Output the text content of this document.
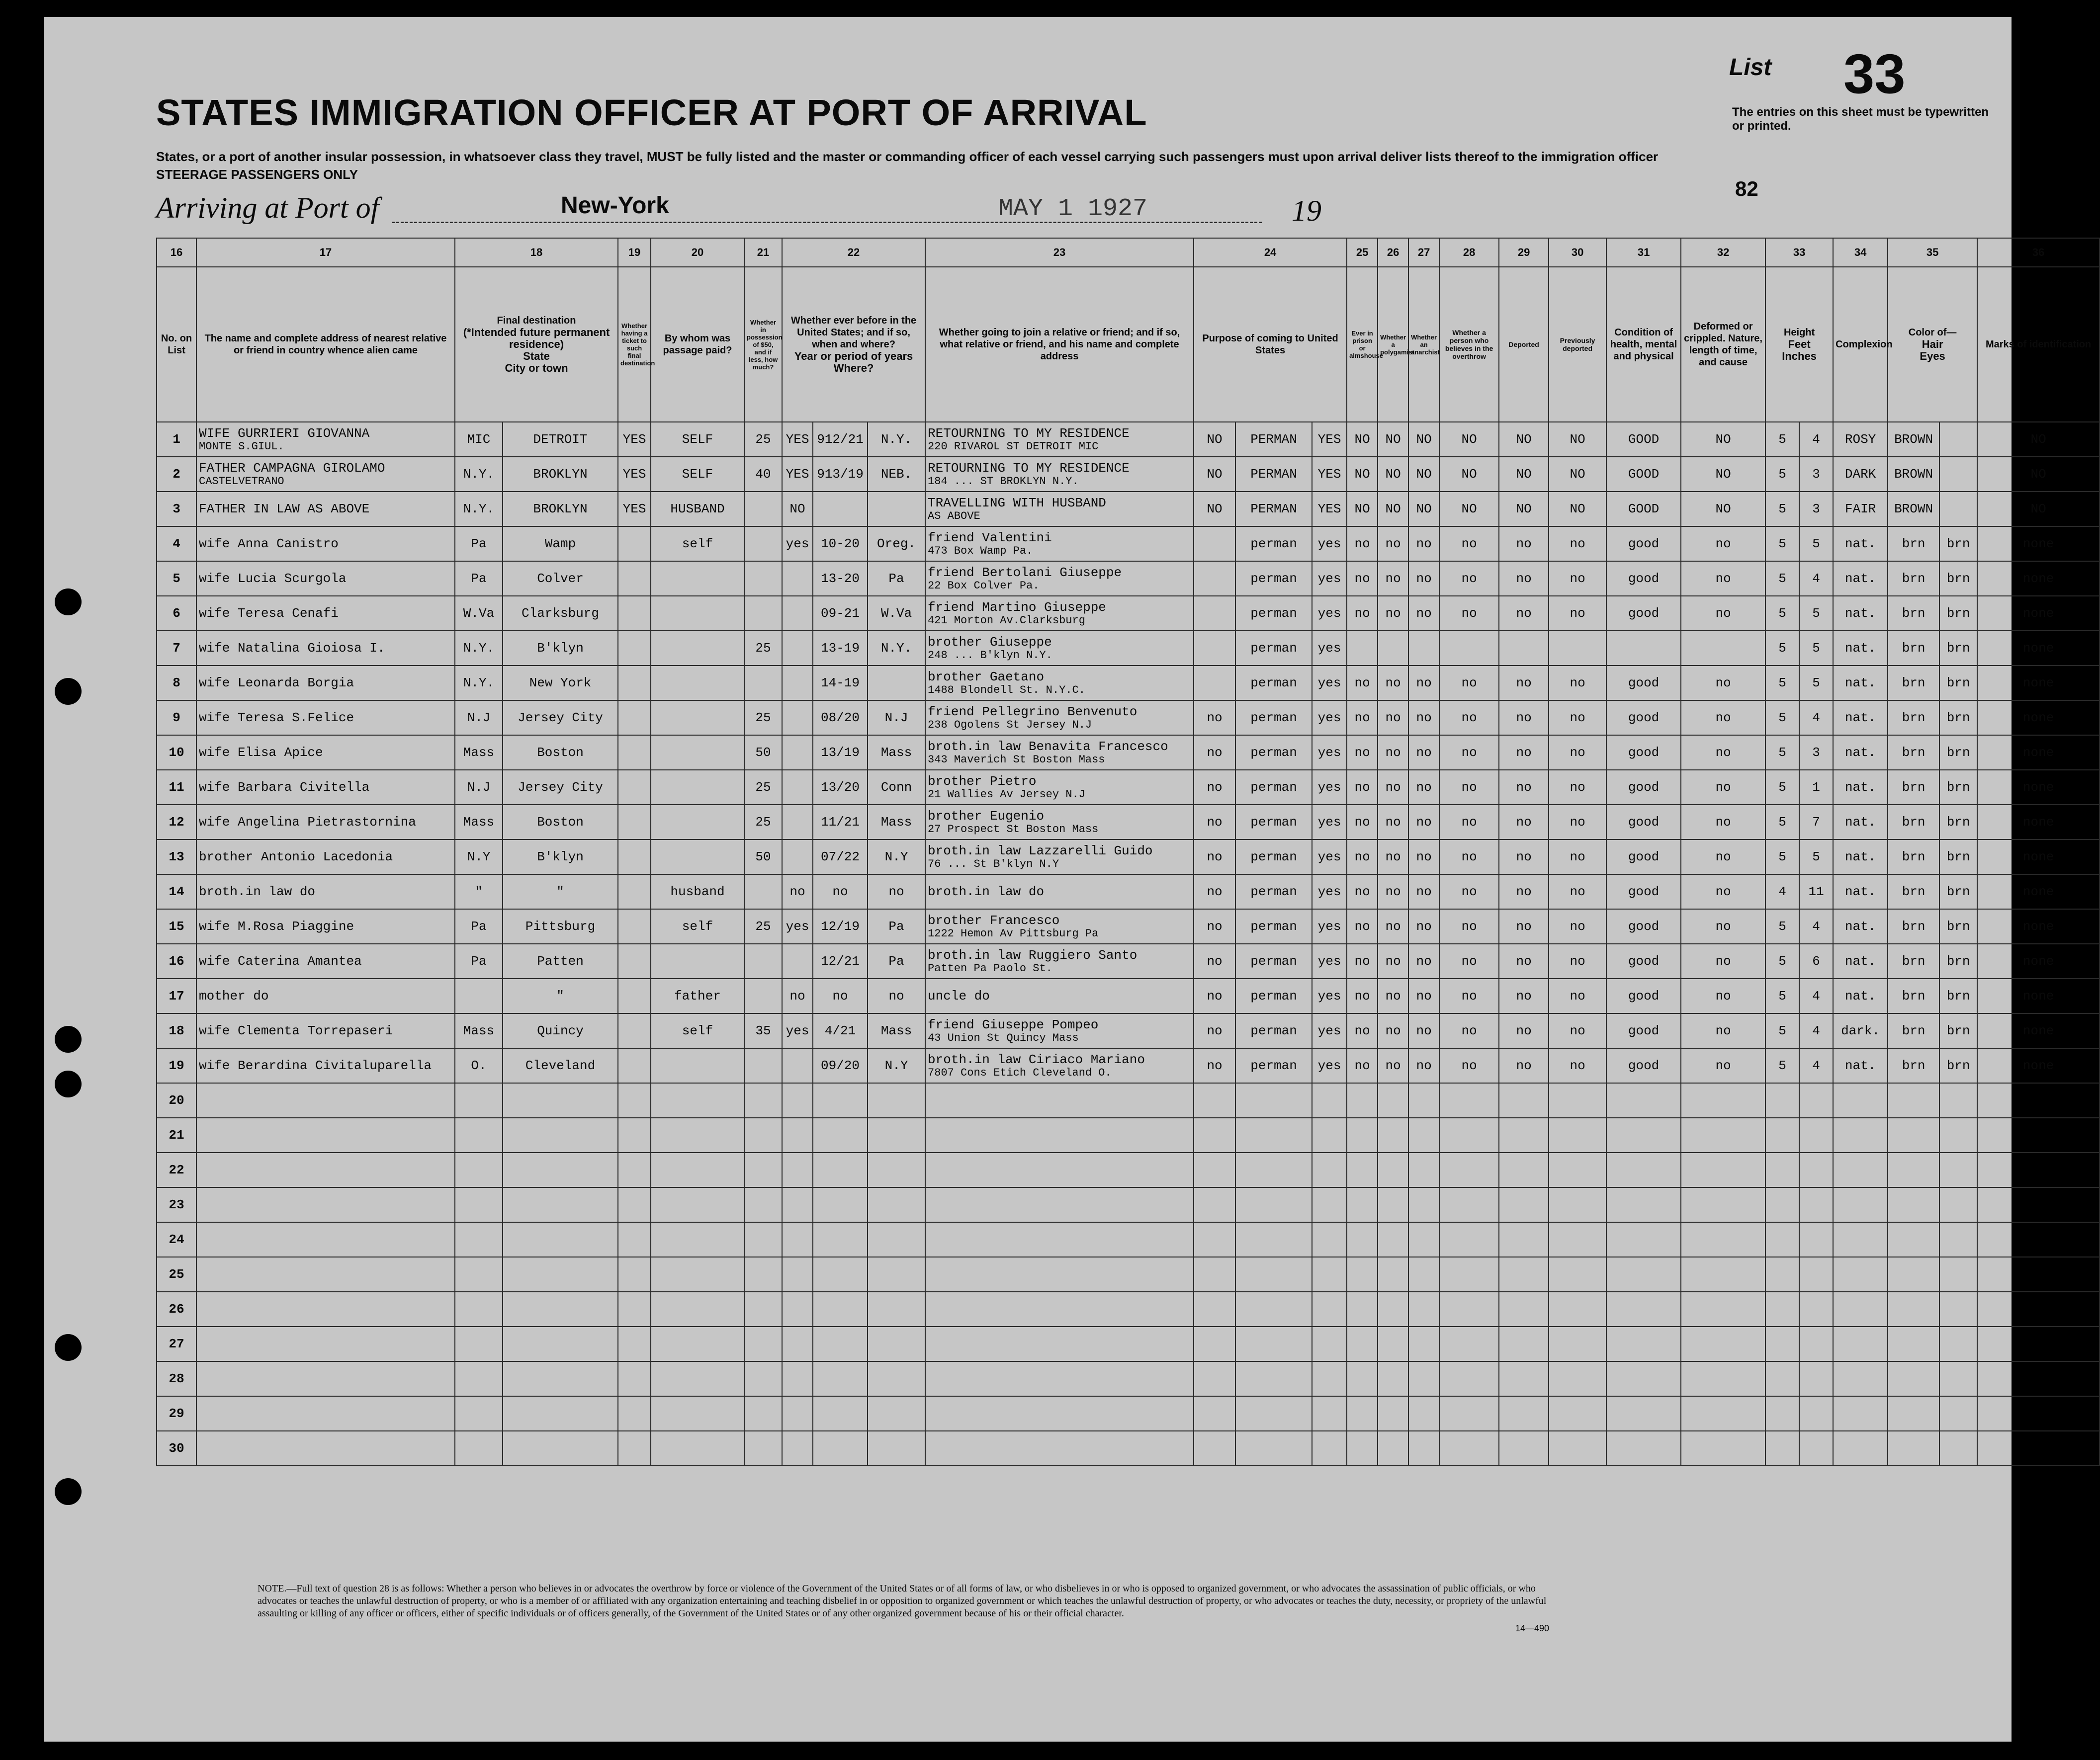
List 33
STATES IMMIGRATION OFFICER AT PORT OF ARRIVAL	The entries on this sheet must be typewritten or printed.
States, or a port of another insular possession, in whatsoever class they travel, MUST be fully listed and the master or commanding officer of each vessel carrying such passengers must upon arrival deliver lists thereof to the immigration officer
STEERAGE PASSENGERS ONLY
Arriving at Port of	New-York	MAY 1 1927	19
82
16	17	18		19	20	21	22			23	24			25	26	27	28	29	30	31	32	33		34	35		36
No. on List	The name and complete address of nearest relative or friend in country whence alien came	Final destination
(*Intended future permanent residence)
State
City or town		Whether having a ticket to such final destination	By whom was passage paid?	Whether in possession of $50, and if less, how much?	Whether ever before in the United States; and if so, when and where?
Year or period of years
Where?			Whether going to join a relative or friend; and if so, what relative or friend, and his name and complete address	Purpose of coming to United States			Ever in prison or almshouse	Whether a polygamist	Whether an anarchist	Whether a person who believes in the overthrow	Deported	Previously deported	Condition of health, mental and physical	Deformed or crippled. Nature, length of time, and cause	Height
Feet
Inches		Complexion	Color of—
Hair
Eyes		Marks of identification
1	WIFE GURRIERI GIOVANNA
MONTE S.GIUL.	MIC	DETROIT	YES	SELF	25	YES	912/21	N.Y.	RETOURNING TO MY RESIDENCE
220 RIVAROL ST DETROIT MIC	NO	PERMAN	YES	NO	NO	NO	NO	NO	NO	GOOD	NO	5	4	ROSY	BROWN		NO
2	FATHER CAMPAGNA GIROLAMO
CASTELVETRANO	N.Y.	BROKLYN	YES	SELF	40	YES	913/19	NEB.	RETOURNING TO MY RESIDENCE
184 ... ST BROKLYN N.Y.	NO	PERMAN	YES	NO	NO	NO	NO	NO	NO	GOOD	NO	5	3	DARK	BROWN		NO
3	FATHER IN LAW AS ABOVE	N.Y.	BROKLYN	YES	HUSBAND		NO			TRAVELLING WITH HUSBAND
AS ABOVE	NO	PERMAN	YES	NO	NO	NO	NO	NO	NO	GOOD	NO	5	3	FAIR	BROWN		NO
4	wife Anna Canistro	Pa	Wamp		self		yes	10-20	Oreg.	friend Valentini
473 Box Wamp Pa.		perman	yes	no	no	no	no	no	no	good	no	5	5	nat.	brn	brn	none
5	wife Lucia Scurgola	Pa	Colver					13-20	Pa	friend Bertolani Giuseppe
22 Box Colver Pa.		perman	yes	no	no	no	no	no	no	good	no	5	4	nat.	brn	brn	none
6	wife Teresa Cenafi	W.Va	Clarksburg					09-21	W.Va	friend Martino Giuseppe
421 Morton Av.Clarksburg		perman	yes	no	no	no	no	no	no	good	no	5	5	nat.	brn	brn	none
7	wife Natalina Gioiosa I.	N.Y.	B'klyn			25		13-19	N.Y.	brother Giuseppe
248 ... B'klyn N.Y.		perman	yes									5	5	nat.	brn	brn	none
8	wife Leonarda Borgia	N.Y.	New York					14-19		brother Gaetano
1488 Blondell St. N.Y.C.		perman	yes	no	no	no	no	no	no	good	no	5	5	nat.	brn	brn	none
9	wife Teresa S.Felice	N.J	Jersey City			25		08/20	N.J	friend Pellegrino Benvenuto
238 Ogolens St Jersey N.J	no	perman	yes	no	no	no	no	no	no	good	no	5	4	nat.	brn	brn	none
10	wife Elisa Apice	Mass	Boston			50		13/19	Mass	broth.in law Benavita Francesco
343 Maverich St Boston Mass	no	perman	yes	no	no	no	no	no	no	good	no	5	3	nat.	brn	brn	none
11	wife Barbara Civitella	N.J	Jersey City			25		13/20	Conn	brother Pietro
21 Wallies Av Jersey N.J	no	perman	yes	no	no	no	no	no	no	good	no	5	1	nat.	brn	brn	none
12	wife Angelina Pietrastornina	Mass	Boston			25		11/21	Mass	brother Eugenio
27 Prospect St Boston Mass	no	perman	yes	no	no	no	no	no	no	good	no	5	7	nat.	brn	brn	none
13	brother Antonio Lacedonia	N.Y	B'klyn			50		07/22	N.Y	broth.in law Lazzarelli Guido
76 ... St B'klyn N.Y	no	perman	yes	no	no	no	no	no	no	good	no	5	5	nat.	brn	brn	none
14	broth.in law do	"	"		husband		no	no	no	broth.in law do	no	perman	yes	no	no	no	no	no	no	good	no	4	11	nat.	brn	brn	none
15	wife M.Rosa Piaggine	Pa	Pittsburg		self	25	yes	12/19	Pa	brother Francesco
1222 Hemon Av Pittsburg Pa	no	perman	yes	no	no	no	no	no	no	good	no	5	4	nat.	brn	brn	none
16	wife Caterina Amantea	Pa	Patten					12/21	Pa	broth.in law Ruggiero Santo
Patten Pa Paolo St.	no	perman	yes	no	no	no	no	no	no	good	no	5	6	nat.	brn	brn	none
17	mother do		"		father		no	no	no	uncle do	no	perman	yes	no	no	no	no	no	no	good	no	5	4	nat.	brn	brn	none
18	wife Clementa Torrepaseri	Mass	Quincy		self	35	yes	4/21	Mass	friend Giuseppe Pompeo
43 Union St Quincy Mass	no	perman	yes	no	no	no	no	no	no	good	no	5	4	dark.	brn	brn	none
19	wife Berardina Civitaluparella	O.	Cleveland					09/20	N.Y	broth.in law Ciriaco Mariano
7807 Cons Etich Cleveland O.	no	perman	yes	no	no	no	no	no	no	good	no	5	4	nat.	brn	brn	none
20																											
21																											
22																											
23																											
24																											
25																											
26																											
27																											
28																											
29																											
30																											
NOTE.—Full text of question 28 is as follows: Whether a person who believes in or advocates the overthrow by force or violence of the Government of the United States or of all forms of law, or who disbelieves in or who is opposed to organized government, or who advocates the assassination of public officials, or who advocates or teaches the unlawful destruction of property, or who is a member of or affiliated with any organization entertaining and teaching disbelief in or opposition to organized government or which teaches the unlawful destruction of property, or who advocates or teaches the duty, necessity, or propriety of the unlawful assaulting or killing of any officer or officers, either of specific individuals or of officers generally, of the Government of the United States or of any other organized government because of his or their official character.
14—490
